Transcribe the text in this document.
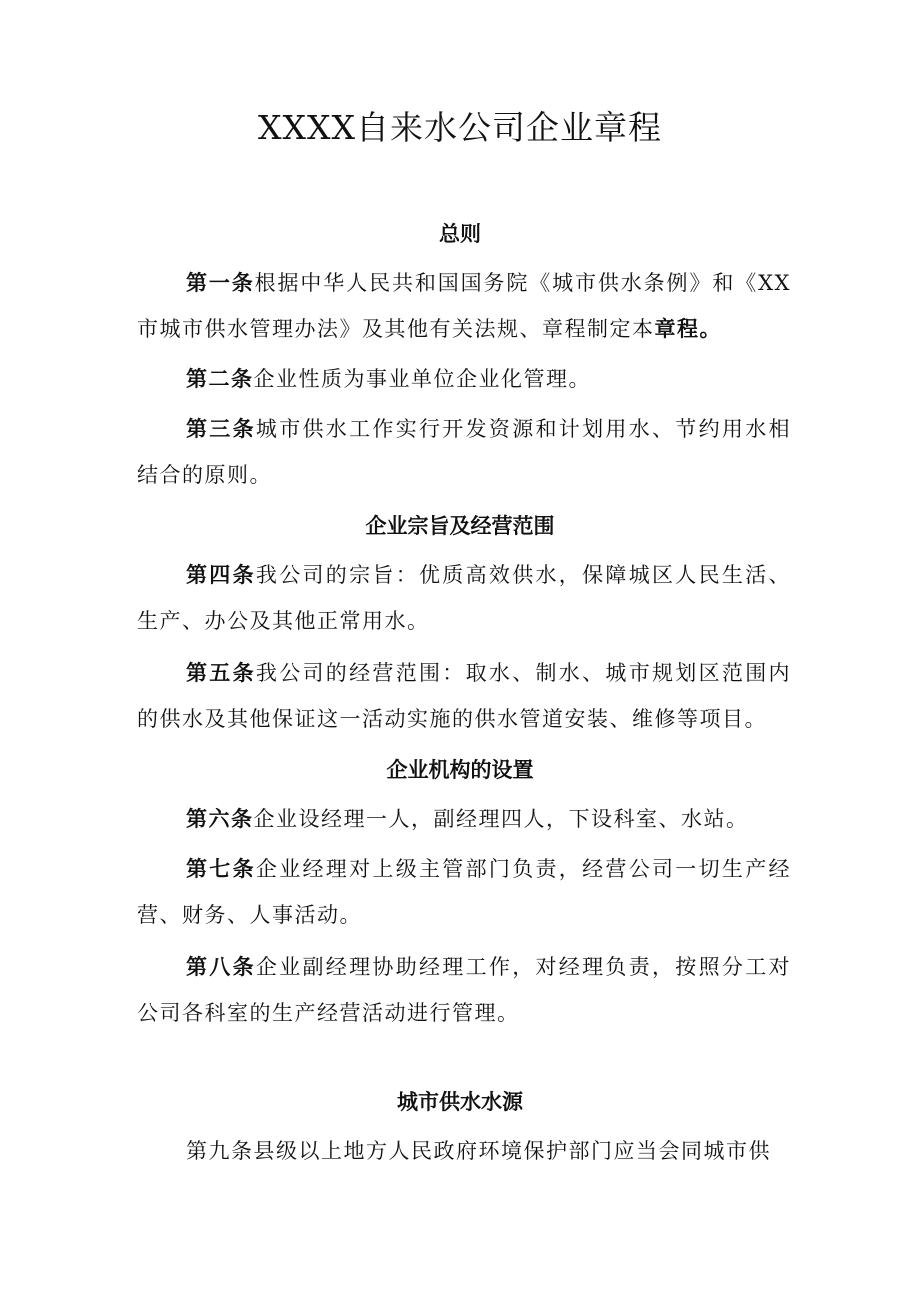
XXXX自来水公司企业章程
总则

第一条根据中华人民共和国国务院《城市供水条例》和《XX市城市供水管理办法》及其他有关法规、章程制定本章程。

第二条企业性质为事业单位企业化管理。

第三条城市供水工作实行开发资源和计划用水、节约用水相结合的原则。

企业宗旨及经营范围

第四条我公司的宗旨：优质高效供水，保障城区人民生活、生产、办公及其他正常用水。

第五条我公司的经营范围：取水、制水、城市规划区范围内的供水及其他保证这一活动实施的供水管道安装、维修等项目。

企业机构的设置

第六条企业设经理一人，副经理四人，下设科室、水站。

第七条企业经理对上级主管部门负责，经营公司一切生产经营、财务、人事活动。

第八条企业副经理协助经理工作，对经理负责，按照分工对公司各科室的生产经营活动进行管理。

城市供水水源

第九条县级以上地方人民政府环境保护部门应当会同城市供
